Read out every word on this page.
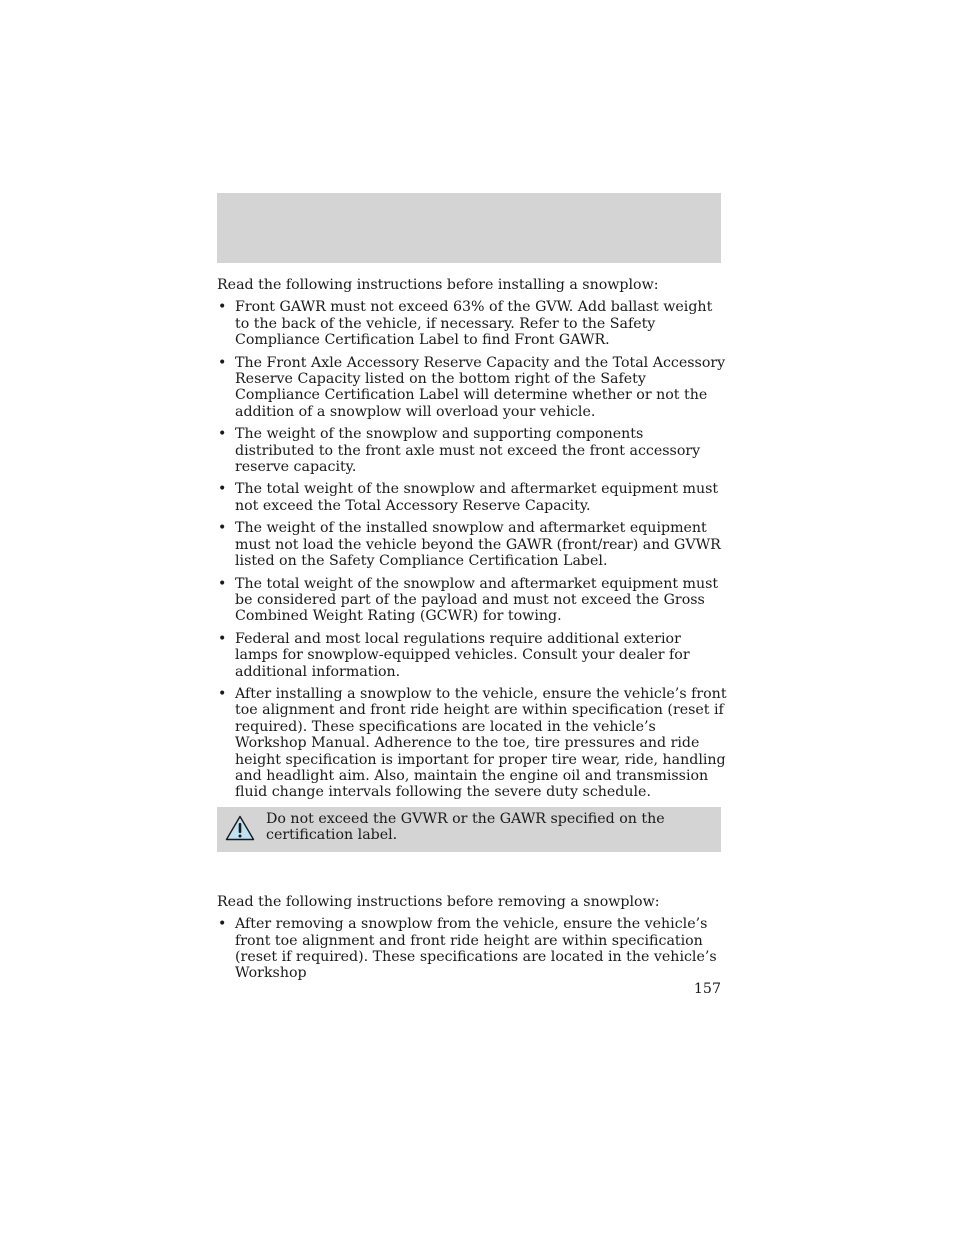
Read the following instructions before installing a snowplow:

• Front GAWR must not exceed 63% of the GVW. Add ballast weight to the back of the vehicle, if necessary. Refer to the Safety Compliance Certification Label to find Front GAWR.
• The Front Axle Accessory Reserve Capacity and the Total Accessory Reserve Capacity listed on the bottom right of the Safety Compliance Certification Label will determine whether or not the addition of a snowplow will overload your vehicle.
• The weight of the snowplow and supporting components distributed to the front axle must not exceed the front accessory reserve capacity.
• The total weight of the snowplow and aftermarket equipment must not exceed the Total Accessory Reserve Capacity.
• The weight of the installed snowplow and aftermarket equipment must not load the vehicle beyond the GAWR (front/rear) and GVWR listed on the Safety Compliance Certification Label.
• The total weight of the snowplow and aftermarket equipment must be considered part of the payload and must not exceed the Gross Combined Weight Rating (GCWR) for towing.
• Federal and most local regulations require additional exterior lamps for snowplow-equipped vehicles. Consult your dealer for additional information.
• After installing a snowplow to the vehicle, ensure the vehicle’s front toe alignment and front ride height are within specification (reset if required). These specifications are located in the vehicle’s Workshop Manual. Adherence to the toe, tire pressures and ride height specification is important for proper tire wear, ride, handling and headlight aim. Also, maintain the engine oil and transmission fluid change intervals following the severe duty schedule.
Do not exceed the GVWR or the GAWR specified on the certification label.

Read the following instructions before removing a snowplow:

• After removing a snowplow from the vehicle, ensure the vehicle’s front toe alignment and front ride height are within specification (reset if required). These specifications are located in the vehicle’s Workshop
157
